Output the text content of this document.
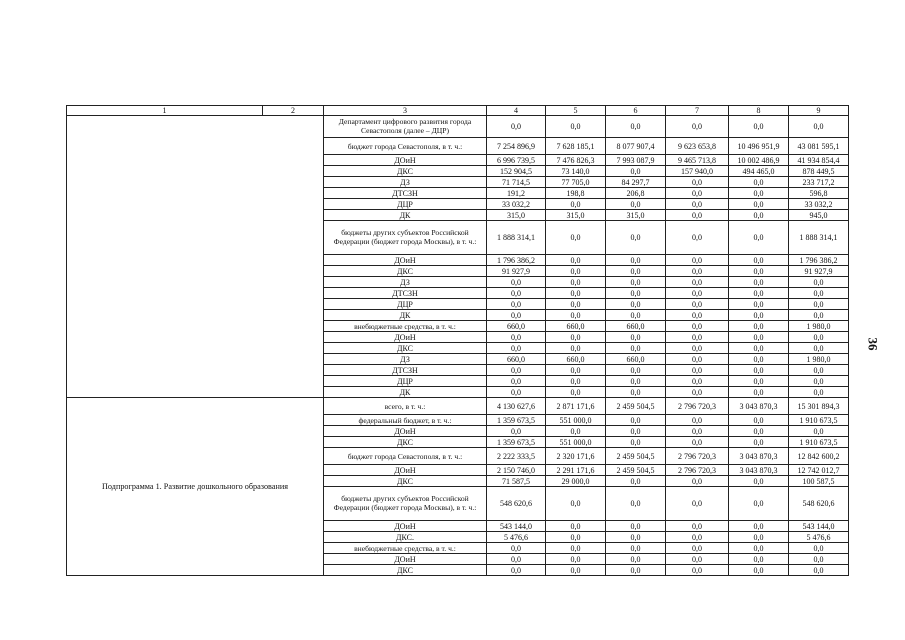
1	2	3	4	5	6	7	8	9
		Департамент цифрового развития города Севастополя (далее – ДЦР)	0,0	0,0	0,0	0,0	0,0	0,0
		бюджет города Севастополя, в т. ч.:	7 254 896,9	7 628 185,1	8 077 907,4	9 623 653,8	10 496 951,9	43 081 595,1
		ДОиН	6 996 739,5	7 476 826,3	7 993 087,9	9 465 713,8	10 002 486,9	41 934 854,4
		ДКС	152 904,5	73 140,0	0,0	157 940,0	494 465,0	878 449,5
		ДЗ	71 714,5	77 705,0	84 297,7	0,0	0,0	233 717,2
		ДТСЗН	191,2	198,8	206,8	0,0	0,0	596,8
		ДЦР	33 032,2	0,0	0,0	0,0	0,0	33 032,2
		ДК	315,0	315,0	315,0	0,0	0,0	945,0
		бюджеты других субъектов Российской Федерации (бюджет города Москвы), в т. ч.:	1 888 314,1	0,0	0,0	0,0	0,0	1 888 314,1
		ДОиН	1 796 386,2	0,0	0,0	0,0	0,0	1 796 386,2
		ДКС	91 927,9	0,0	0,0	0,0	0,0	91 927,9
		ДЗ	0,0	0,0	0,0	0,0	0,0	0,0
		ДТСЗН	0,0	0,0	0,0	0,0	0,0	0,0
		ДЦР	0,0	0,0	0,0	0,0	0,0	0,0
		ДК	0,0	0,0	0,0	0,0	0,0	0,0
		внебюджетные средства, в т. ч.:	660,0	660,0	660,0	0,0	0,0	1 980,0
		ДОиН	0,0	0,0	0,0	0,0	0,0	0,0
		ДКС	0,0	0,0	0,0	0,0	0,0	0,0
		ДЗ	660,0	660,0	660,0	0,0	0,0	1 980,0
		ДТСЗН	0,0	0,0	0,0	0,0	0,0	0,0
		ДЦР	0,0	0,0	0,0	0,0	0,0	0,0
		ДК	0,0	0,0	0,0	0,0	0,0	0,0
Подпрограмма 1. Развитие дошкольного образования		всего, в т. ч.:	4 130 627,6	2 871 171,6	2 459 504,5	2 796 720,3	3 043 870,3	15 301 894,3
		федеральный бюджет, в т. ч.:	1 359 673,5	551 000,0	0,0	0,0	0,0	1 910 673,5
		ДОиН	0,0	0,0	0,0	0,0	0,0	0,0
		ДКС	1 359 673,5	551 000,0	0,0	0,0	0,0	1 910 673,5
		бюджет города Севастополя, в т. ч.:	2 222 333,5	2 320 171,6	2 459 504,5	2 796 720,3	3 043 870,3	12 842 600,2
		ДОиН	2 150 746,0	2 291 171,6	2 459 504,5	2 796 720,3	3 043 870,3	12 742 012,7
		ДКС	71 587,5	29 000,0	0,0	0,0	0,0	100 587,5
		бюджеты других субъектов Российской Федерации (бюджет города Москвы), в т. ч.:	548 620,6	0,0	0,0	0,0	0,0	548 620,6
		ДОиН	543 144,0	0,0	0,0	0,0	0,0	543 144,0
		ДКС.	5 476,6	0,0	0,0	0,0	0,0	5 476,6
		внебюджетные средства, в т. ч.:	0,0	0,0	0,0	0,0	0,0	0,0
		ДОиН	0,0	0,0	0,0	0,0	0,0	0,0
		ДКС	0,0	0,0	0,0	0,0	0,0	0,0
36
